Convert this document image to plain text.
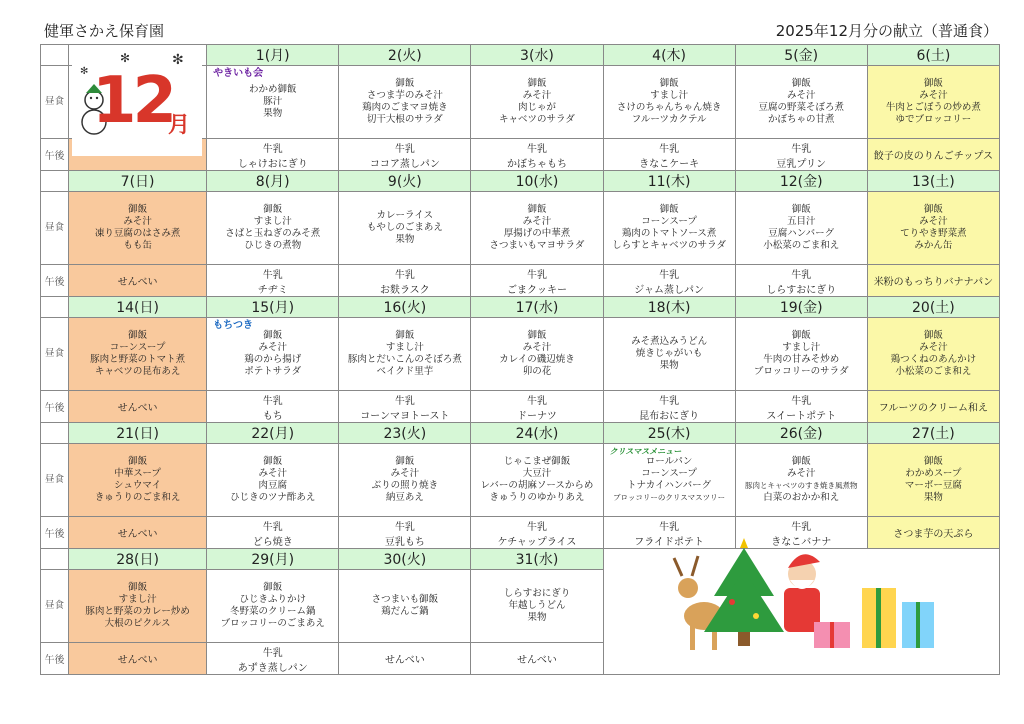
健軍さかえ保育園	2025年12月分の献立（普通食）
		1(月)	2(火)	3(水)	4(木)	5(金)	6(土)
昼食		やきいも会
わかめ御飯
豚汁
果物	御飯
さつま芋のみそ汁
鶏肉のごまマヨ焼き
切干大根のサラダ	御飯
みそ汁
肉じゃが
キャベツのサラダ	御飯
すまし汁
さけのちゃんちゃん焼き
フルーツカクテル	御飯
みそ汁
豆腐の野菜そぼろ煮
かぼちゃの甘煮	御飯
みそ汁
牛肉とごぼうの炒め煮
ゆでブロッコリー

午後		牛乳
しゃけおにぎり	牛乳
ココア蒸しパン	牛乳
かぼちゃもち	牛乳
きなこケーキ	牛乳
豆乳プリン	餃子の皮のりんごチップス

	7(日)	8(月)	9(火)	10(水)	11(木)	12(金)	13(土)
昼食	御飯
みそ汁
凍り豆腐のはさみ煮
もも缶	御飯
すまし汁
さばと玉ねぎのみそ煮
ひじきの煮物	カレーライス
もやしのごまあえ
果物	御飯
みそ汁
厚揚げの中華煮
さつまいもマヨサラダ	御飯
コーンスープ
鶏肉のトマトソース煮
しらすとキャベツのサラダ	御飯
五目汁
豆腐ハンバーグ
小松菜のごま和え	御飯
みそ汁
てりやき野菜煮
みかん缶

午後	せんべい	牛乳
チヂミ	牛乳
お麩ラスク	牛乳
ごまクッキー	牛乳
ジャム蒸しパン	牛乳
しらすおにぎり	米粉のもっちりバナナパン

	14(日)	15(月)	16(火)	17(水)	18(木)	19(金)	20(土)
昼食	御飯
コーンスープ
豚肉と野菜のトマト煮
キャベツの昆布あえ	もちつき
御飯
みそ汁
鶏のから揚げ
ポテトサラダ	御飯
すまし汁
豚肉とだいこんのそぼろ煮
ベイクド里芋	御飯
みそ汁
カレイの磯辺焼き
卯の花	みそ煮込みうどん
焼きじゃがいも
果物	御飯
すまし汁
牛肉の甘みそ炒め
ブロッコリーのサラダ	御飯
みそ汁
鶏つくねのあんかけ
小松菜のごま和え

午後	せんべい	牛乳
もち	牛乳
コーンマヨトースト	牛乳
ドーナツ	牛乳
昆布おにぎり	牛乳
スイートポテト	フルーツのクリーム和え

	21(日)	22(月)	23(火)	24(水)	25(木)	26(金)	27(土)
昼食	御飯
中華スープ
シュウマイ
きゅうりのごま和え	御飯
みそ汁
肉豆腐
ひじきのツナ酢あえ	御飯
みそ汁
ぶりの照り焼き
納豆あえ	じゃこまぜ御飯
大豆汁
レバーの胡麻ソースからめ
きゅうりのゆかりあえ	クリスマスメニュー
ロールパン
コーンスープ
トナカイハンバーグ
ブロッコリーのクリスマスツリー	御飯
みそ汁
豚肉とキャベツのすき焼き風煮物
白菜のおかか和え	御飯
わかめスープ
マーボー豆腐
果物

午後	せんべい	牛乳
どら焼き	牛乳
豆乳もち	牛乳
ケチャップライス	牛乳
フライドポテト	牛乳
きなこバナナ	さつま芋の天ぷら

	28(日)	29(月)	30(火)	31(水)			
昼食	御飯
すまし汁
豚肉と野菜のカレー炒め
大根のピクルス	御飯
ひじきふりかけ
冬野菜のクリーム鍋
ブロッコリーのごまあえ	さつまいも御飯
鶏だんご鍋	しらすおにぎり
年越しうどん
果物			

午後	せんべい	牛乳
あずき蒸しパン	せんべい	せんべい			
✻	✻
✻ 12
月
